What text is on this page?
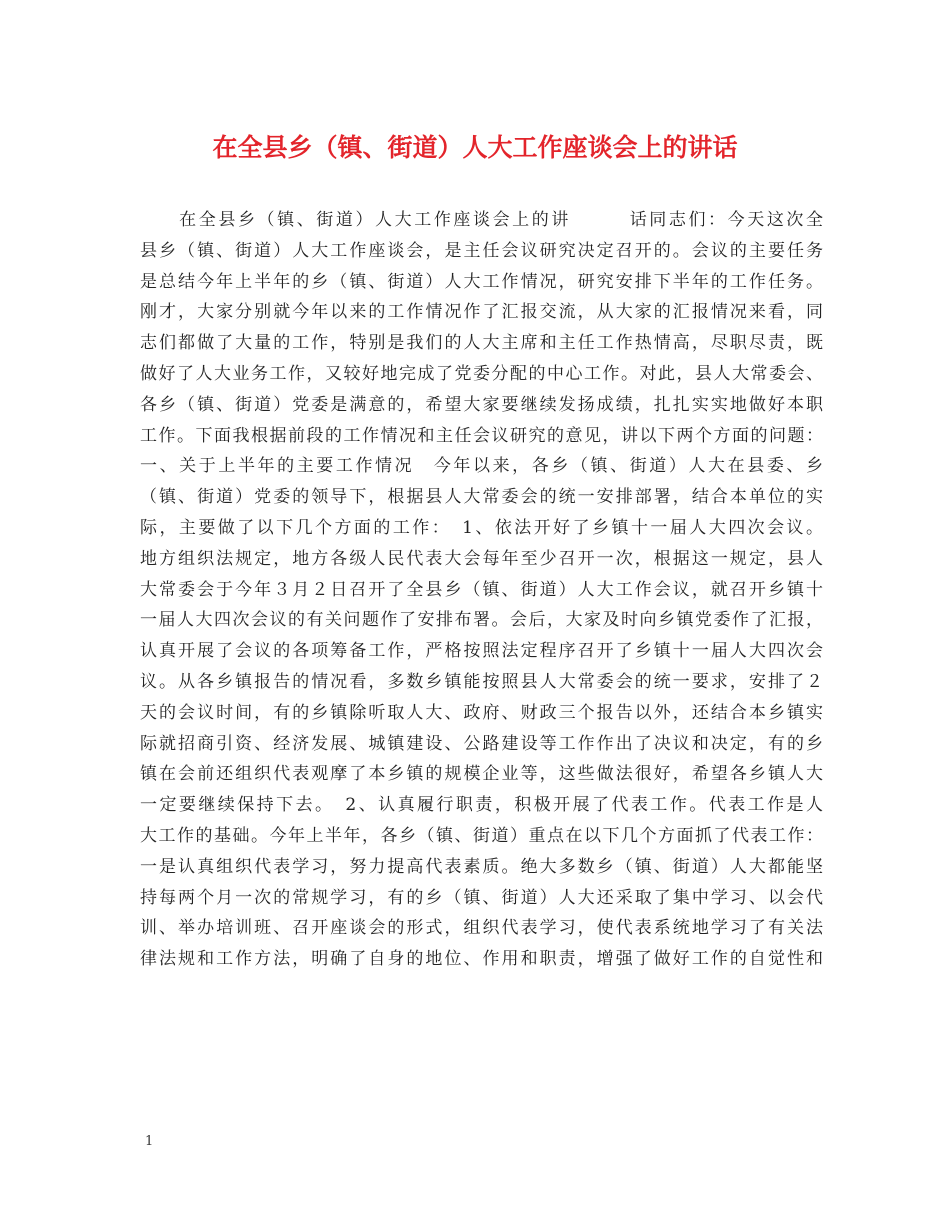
在全县乡（镇、街道）人大工作座谈会上的讲话
　　在全县乡（镇、街道）人大工作座谈会上的讲　　　话同志们：今天这次全
县乡（镇、街道）人大工作座谈会，是主任会议研究决定召开的。会议的主要任务
是总结今年上半年的乡（镇、街道）人大工作情况，研究安排下半年的工作任务。
刚才，大家分别就今年以来的工作情况作了汇报交流，从大家的汇报情况来看，同
志们都做了大量的工作，特别是我们的人大主席和主任工作热情高，尽职尽责，既
做好了人大业务工作，又较好地完成了党委分配的中心工作。对此，县人大常委会、
各乡（镇、街道）党委是满意的，希望大家要继续发扬成绩，扎扎实实地做好本职
工作。下面我根据前段的工作情况和主任会议研究的意见，讲以下两个方面的问题：
一、关于上半年的主要工作情况　今年以来，各乡（镇、街道）人大在县委、乡
（镇、街道）党委的领导下，根据县人大常委会的统一安排部署，结合本单位的实
际，主要做了以下几个方面的工作：　1、依法开好了乡镇十一届人大四次会议。
地方组织法规定，地方各级人民代表大会每年至少召开一次，根据这一规定，县人
大常委会于今年３月２日召开了全县乡（镇、街道）人大工作会议，就召开乡镇十
一届人大四次会议的有关问题作了安排布署。会后，大家及时向乡镇党委作了汇报，
认真开展了会议的各项筹备工作，严格按照法定程序召开了乡镇十一届人大四次会
议。从各乡镇报告的情况看，多数乡镇能按照县人大常委会的统一要求，安排了２
天的会议时间，有的乡镇除听取人大、政府、财政三个报告以外，还结合本乡镇实
际就招商引资、经济发展、城镇建设、公路建设等工作作出了决议和决定，有的乡
镇在会前还组织代表观摩了本乡镇的规模企业等，这些做法很好，希望各乡镇人大
一定要继续保持下去。　2、认真履行职责，积极开展了代表工作。代表工作是人
大工作的基础。今年上半年，各乡（镇、街道）重点在以下几个方面抓了代表工作：
一是认真组织代表学习，努力提高代表素质。绝大多数乡（镇、街道）人大都能坚
持每两个月一次的常规学习，有的乡（镇、街道）人大还采取了集中学习、以会代
训、举办培训班、召开座谈会的形式，组织代表学习，使代表系统地学习了有关法
律法规和工作方法，明确了自身的地位、作用和职责，增强了做好工作的自觉性和
1
